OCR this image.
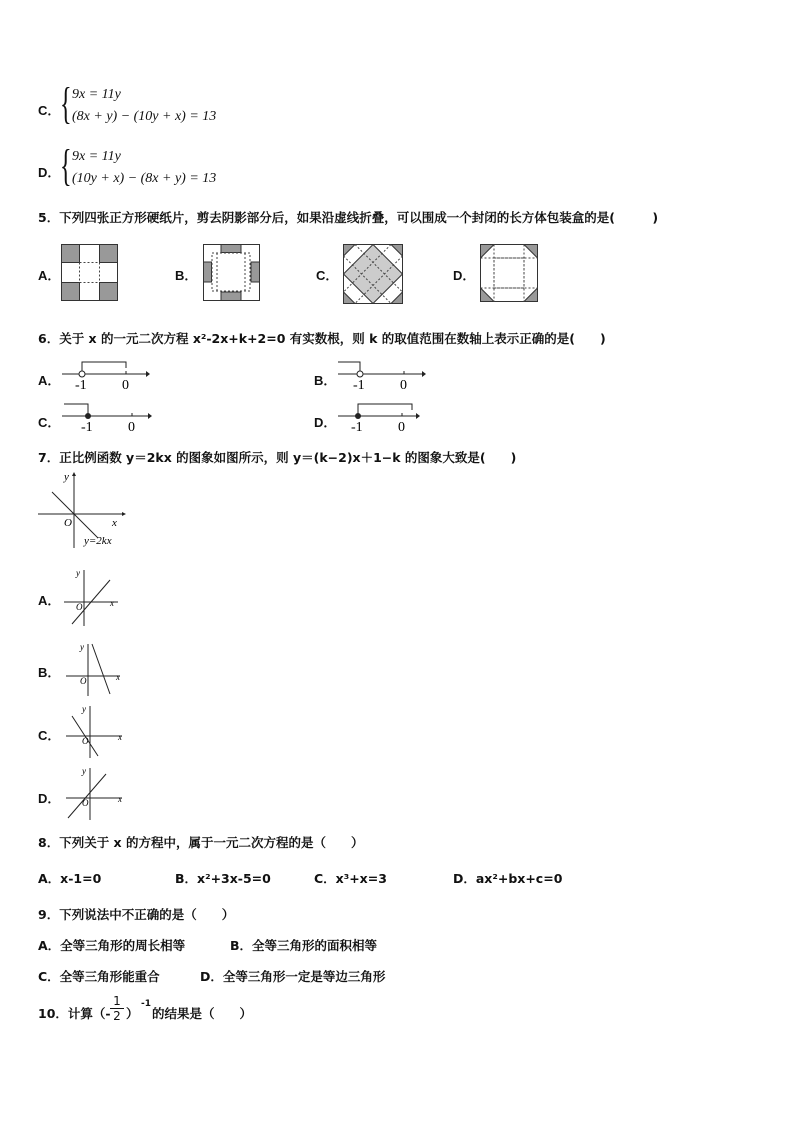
C． { 9x = 11y
(8x + y) − (10y + x) = 13
D． { 9x = 11y
(10y + x) − (8x + y) = 13
5．下列四张正方形硬纸片，剪去阴影部分后，如果沿虚线折叠，可以围成一个封闭的长方体包装盒的是(　　　)
A．	B．	C．	D．
6．关于 x 的一元二次方程 x²-2x+k+2=0 有实数根，则 k 的取值范围在数轴上表示正确的是(　　)
A． -1	0	B． -1	0
C． -1	0	D． -1	0
7．正比例函数 y＝2kx 的图象如图所示，则 y＝(k−2)x＋1−k 的图象大致是(　　)
y
x
O
y=2kx
A．
y
x
O
B．
y
x
O
C．
y
x
O
D．
y
x
O
8．下列关于 x 的方程中，属于一元二次方程的是（　　）
A．x-1=0	B．x²+3x-5=0	C．x³+x=3	D．ax²+bx+c=0
9．下列说法中不正确的是（　　）
A．全等三角形的周长相等	B．全等三角形的面积相等
C．全等三角形能重合	D．全等三角形一定是等边三角形
10．计算（- $\frac{1}{2}$ ）
-1
的结果是（　　）
